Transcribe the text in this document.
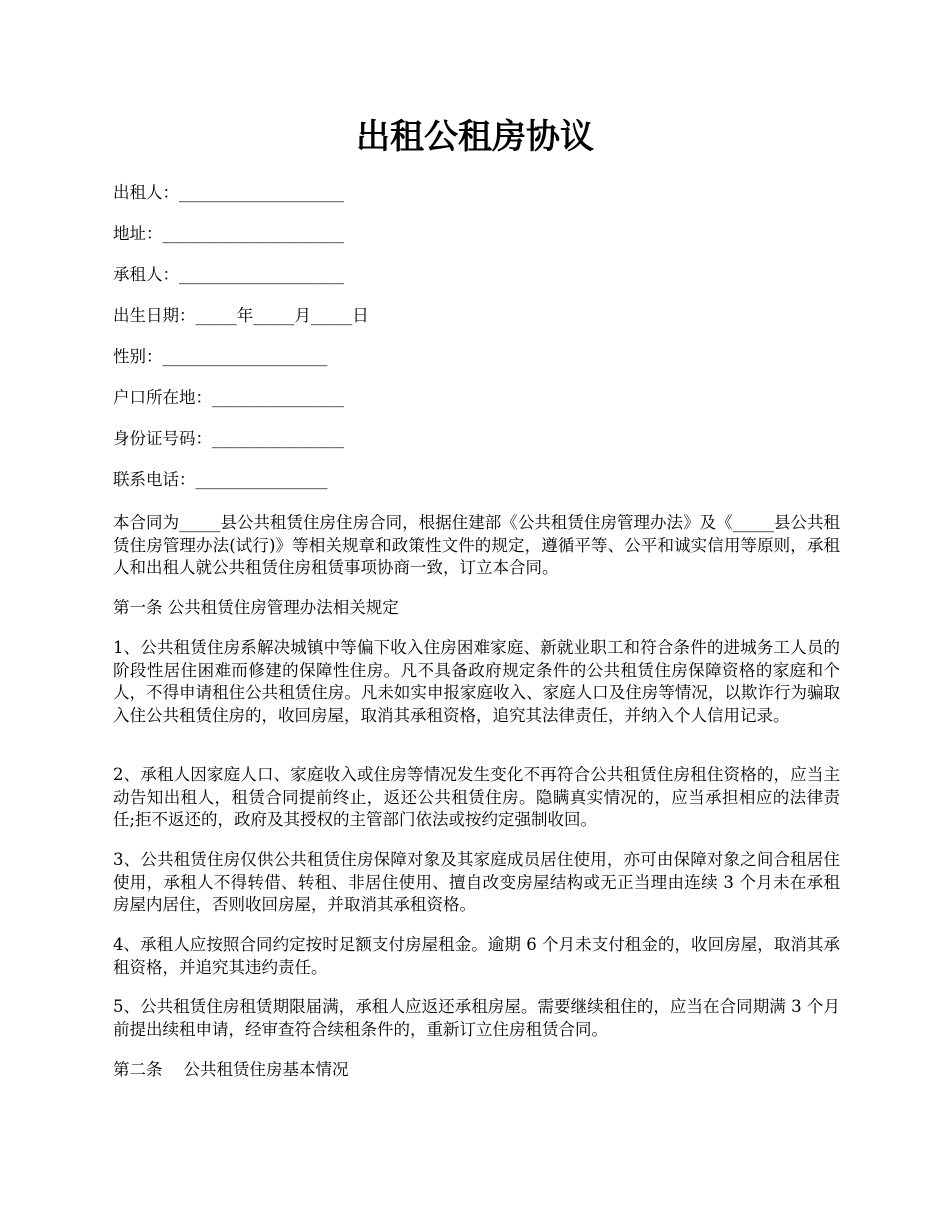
出租公租房协议

出租人：____________________

地址：______________________

承租人：____________________

出生日期：_____年_____月_____日

性别：____________________

户口所在地：________________

身份证号码：________________

联系电话：________________

本合同为_____县公共租赁住房住房合同，根据住建部《公共租赁住房管理办法》及《_____县公共租赁住房管理办法(试行)》等相关规章和政策性文件的规定，遵循平等、公平和诚实信用等原则，承租人和出租人就公共租赁住房租赁事项协商一致，订立本合同。

第一条 公共租赁住房管理办法相关规定

1、公共租赁住房系解决城镇中等偏下收入住房困难家庭、新就业职工和符合条件的进城务工人员的阶段性居住困难而修建的保障性住房。凡不具备政府规定条件的公共租赁住房保障资格的家庭和个人，不得申请租住公共租赁住房。凡未如实申报家庭收入、家庭人口及住房等情况，以欺诈行为骗取入住公共租赁住房的，收回房屋，取消其承租资格，追究其法律责任，并纳入个人信用记录。

2、承租人因家庭人口、家庭收入或住房等情况发生变化不再符合公共租赁住房租住资格的，应当主动告知出租人，租赁合同提前终止，返还公共租赁住房。隐瞒真实情况的，应当承担相应的法律责任;拒不返还的，政府及其授权的主管部门依法或按约定强制收回。

3、公共租赁住房仅供公共租赁住房保障对象及其家庭成员居住使用，亦可由保障对象之间合租居住使用，承租人不得转借、转租、非居住使用、擅自改变房屋结构或无正当理由连续 3 个月未在承租房屋内居住，否则收回房屋，并取消其承租资格。

4、承租人应按照合同约定按时足额支付房屋租金。逾期 6 个月未支付租金的，收回房屋，取消其承租资格，并追究其违约责任。

5、公共租赁住房租赁期限届满，承租人应返还承租房屋。需要继续租住的，应当在合同期满 3 个月前提出续租申请，经审查符合续租条件的，重新订立住房租赁合同。

第二条    公共租赁住房基本情况
